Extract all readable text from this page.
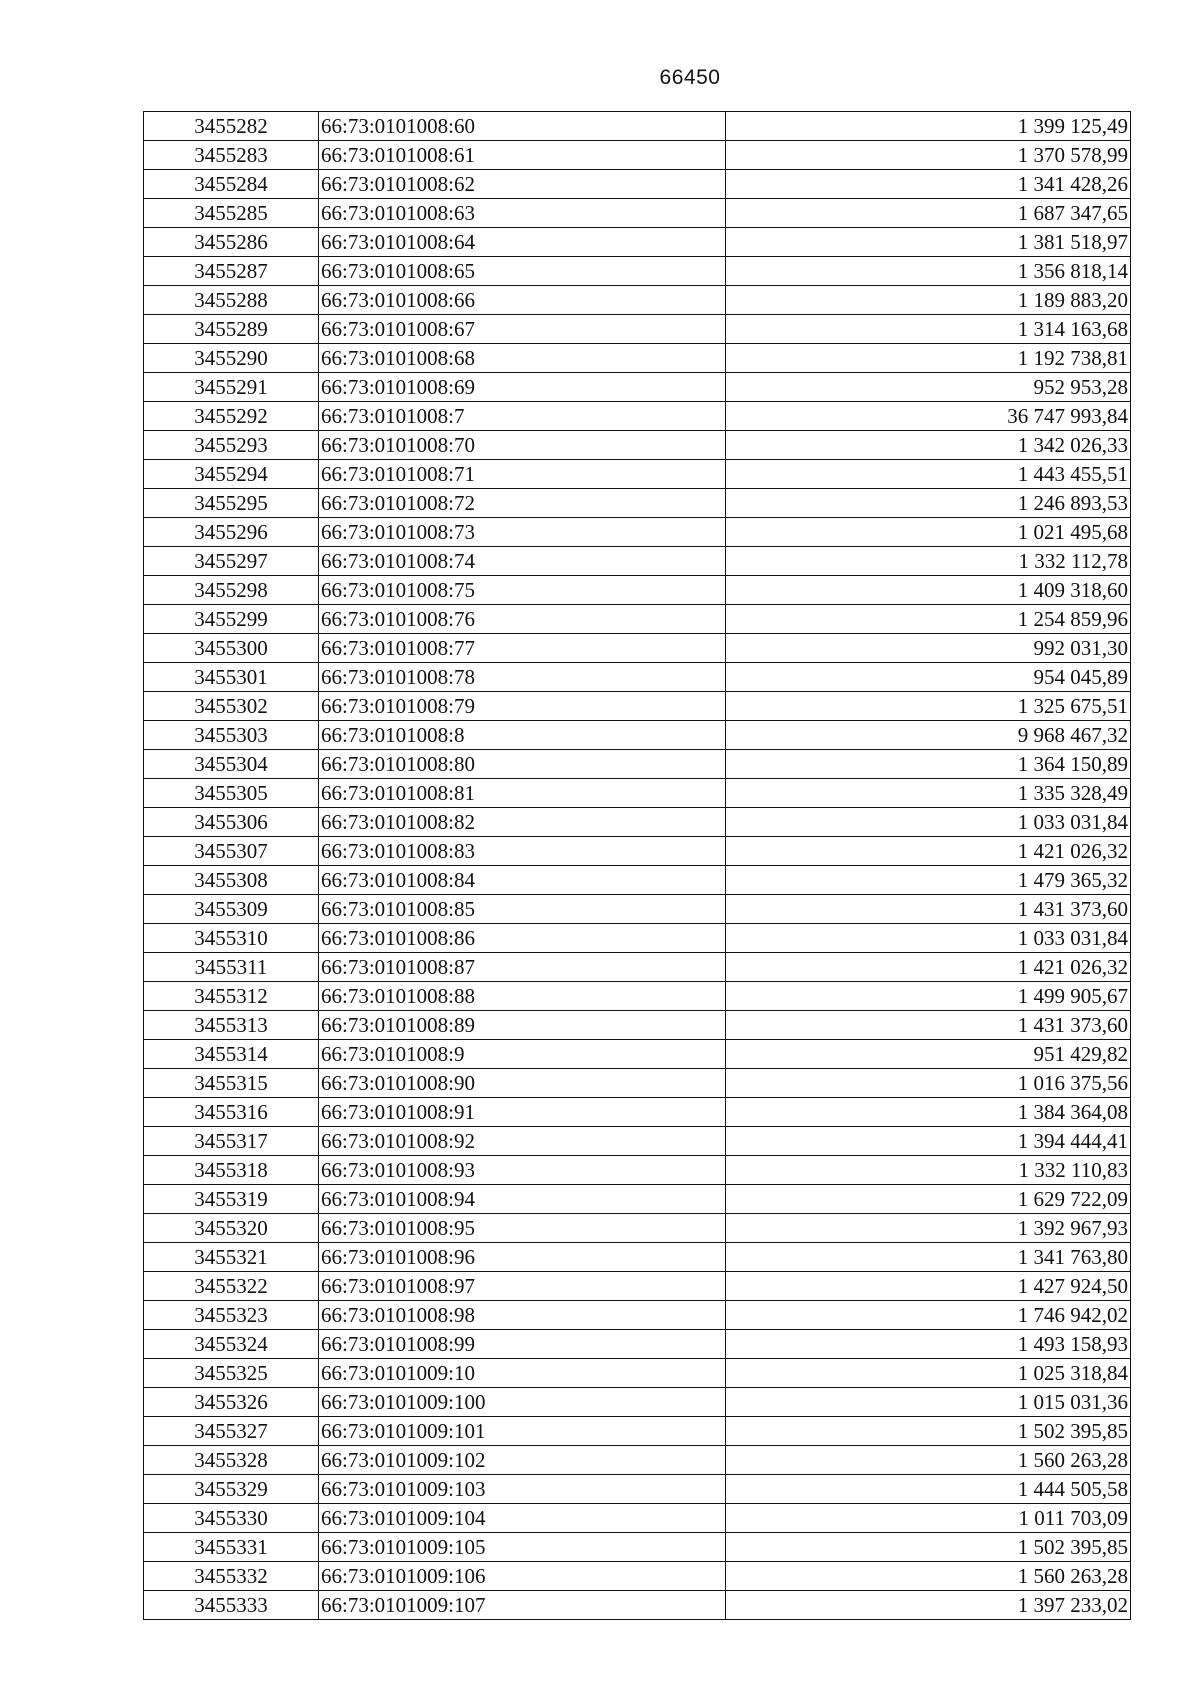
66450
3455282	66:73:0101008:60	1 399 125,49
3455283	66:73:0101008:61	1 370 578,99
3455284	66:73:0101008:62	1 341 428,26
3455285	66:73:0101008:63	1 687 347,65
3455286	66:73:0101008:64	1 381 518,97
3455287	66:73:0101008:65	1 356 818,14
3455288	66:73:0101008:66	1 189 883,20
3455289	66:73:0101008:67	1 314 163,68
3455290	66:73:0101008:68	1 192 738,81
3455291	66:73:0101008:69	952 953,28
3455292	66:73:0101008:7	36 747 993,84
3455293	66:73:0101008:70	1 342 026,33
3455294	66:73:0101008:71	1 443 455,51
3455295	66:73:0101008:72	1 246 893,53
3455296	66:73:0101008:73	1 021 495,68
3455297	66:73:0101008:74	1 332 112,78
3455298	66:73:0101008:75	1 409 318,60
3455299	66:73:0101008:76	1 254 859,96
3455300	66:73:0101008:77	992 031,30
3455301	66:73:0101008:78	954 045,89
3455302	66:73:0101008:79	1 325 675,51
3455303	66:73:0101008:8	9 968 467,32
3455304	66:73:0101008:80	1 364 150,89
3455305	66:73:0101008:81	1 335 328,49
3455306	66:73:0101008:82	1 033 031,84
3455307	66:73:0101008:83	1 421 026,32
3455308	66:73:0101008:84	1 479 365,32
3455309	66:73:0101008:85	1 431 373,60
3455310	66:73:0101008:86	1 033 031,84
3455311	66:73:0101008:87	1 421 026,32
3455312	66:73:0101008:88	1 499 905,67
3455313	66:73:0101008:89	1 431 373,60
3455314	66:73:0101008:9	951 429,82
3455315	66:73:0101008:90	1 016 375,56
3455316	66:73:0101008:91	1 384 364,08
3455317	66:73:0101008:92	1 394 444,41
3455318	66:73:0101008:93	1 332 110,83
3455319	66:73:0101008:94	1 629 722,09
3455320	66:73:0101008:95	1 392 967,93
3455321	66:73:0101008:96	1 341 763,80
3455322	66:73:0101008:97	1 427 924,50
3455323	66:73:0101008:98	1 746 942,02
3455324	66:73:0101008:99	1 493 158,93
3455325	66:73:0101009:10	1 025 318,84
3455326	66:73:0101009:100	1 015 031,36
3455327	66:73:0101009:101	1 502 395,85
3455328	66:73:0101009:102	1 560 263,28
3455329	66:73:0101009:103	1 444 505,58
3455330	66:73:0101009:104	1 011 703,09
3455331	66:73:0101009:105	1 502 395,85
3455332	66:73:0101009:106	1 560 263,28
3455333	66:73:0101009:107	1 397 233,02
